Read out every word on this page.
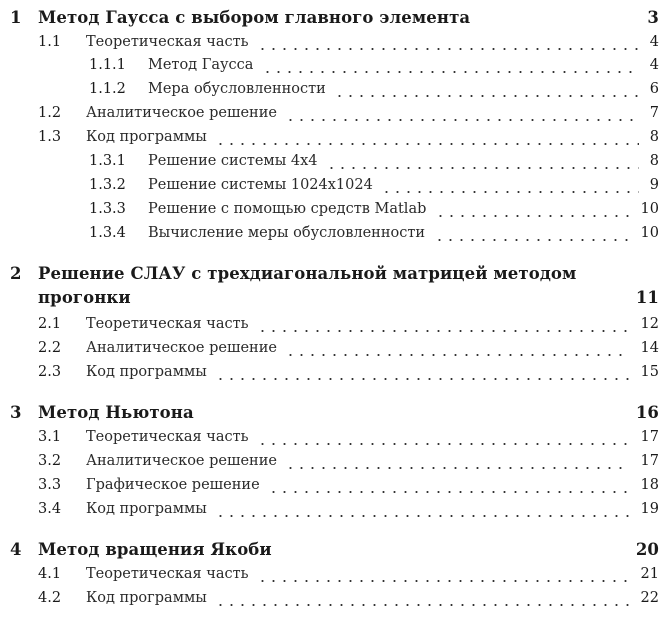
1 Метод Гаусса с выбором главного элемента	3
1.1 Теоретическая часть	4
1.1.1 Метод Гаусса	4
1.1.2 Мера обусловленности	6
1.2 Аналитическое решение	7
1.3 Код программы	8
1.3.1 Решение системы 4x4	8
1.3.2 Решение системы 1024x1024	9
1.3.3 Решение с помощью средств Matlab	10
1.3.4 Вычисление меры обусловленности	10
2 Решение СЛАУ с трехдиагональной матрицей методом
прогонки	11
2.1 Теоретическая часть	12
2.2 Аналитическое решение	14
2.3 Код программы	15
3 Метод Ньютона	16
3.1 Теоретическая часть	17
3.2 Аналитическое решение	17
3.3 Графическое решение	18
3.4 Код программы	19
4 Метод вращения Якоби	20
4.1 Теоретическая часть	21
4.2 Код программы	22
